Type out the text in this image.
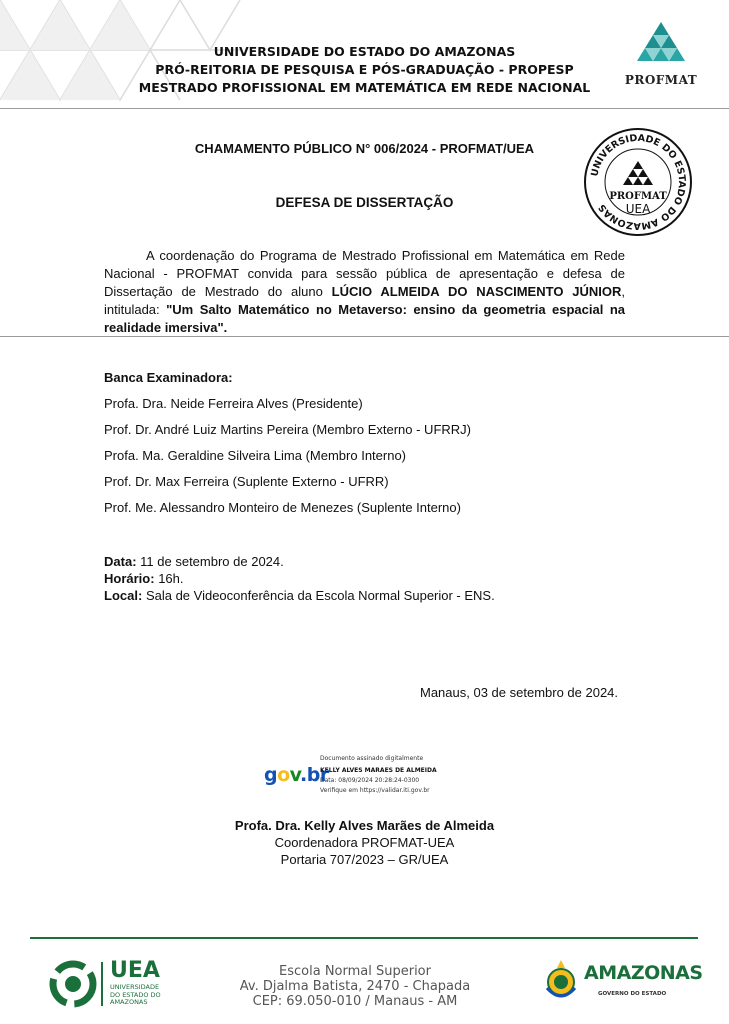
UNIVERSIDADE DO ESTADO DO AMAZONAS
PRÓ-REITORIA DE PESQUISA E PÓS-GRADUAÇÃO - PROPESP
MESTRADO PROFISSIONAL EM MATEMÁTICA EM REDE NACIONAL	PROFMAT
CHAMAMENTO PÚBLICO N° 006/2024 - PROFMAT/UEA
UNIVERSIDADE DO ESTADO DO AMAZONAS
PROFMAT
UEA
DEFESA DE DISSERTAÇÃO
A coordenação do Programa de Mestrado Profissional em Matemática em Rede Nacional - PROFMAT convida para sessão pública de apresentação e defesa de Dissertação de Mestrado do aluno LÚCIO ALMEIDA DO NASCIMENTO JÚNIOR, intitulada: "Um Salto Matemático no Metaverso: ensino da geometria espacial na realidade imersiva".
Banca Examinadora:
Profa. Dra. Neide Ferreira Alves (Presidente)
Prof. Dr. André Luiz Martins Pereira (Membro Externo - UFRRJ)
Profa. Ma. Geraldine Silveira Lima (Membro Interno)
Prof. Dr. Max Ferreira (Suplente Externo - UFRR)
Prof. Me. Alessandro Monteiro de Menezes (Suplente Interno)
Data: 11 de setembro de 2024.
Horário: 16h.
Local: Sala de Videoconferência da Escola Normal Superior - ENS.
Manaus, 03 de setembro de 2024.
gov.br
Documento assinado digitalmente
KELLY ALVES MARAES DE ALMEIDA
Data: 08/09/2024 20:28:24-0300
Verifique em https://validar.iti.gov.br
Profa. Dra. Kelly Alves Marães de Almeida
Coordenadora PROFMAT-UEA
Portaria 707/2023 – GR/UEA
UEA
UNIVERSIDADE
DO ESTADO DO
AMAZONAS
Escola Normal Superior
Av. Djalma Batista, 2470 - Chapada
CEP: 69.050-010 / Manaus - AM
AMAZONAS
GOVERNO DO ESTADO
